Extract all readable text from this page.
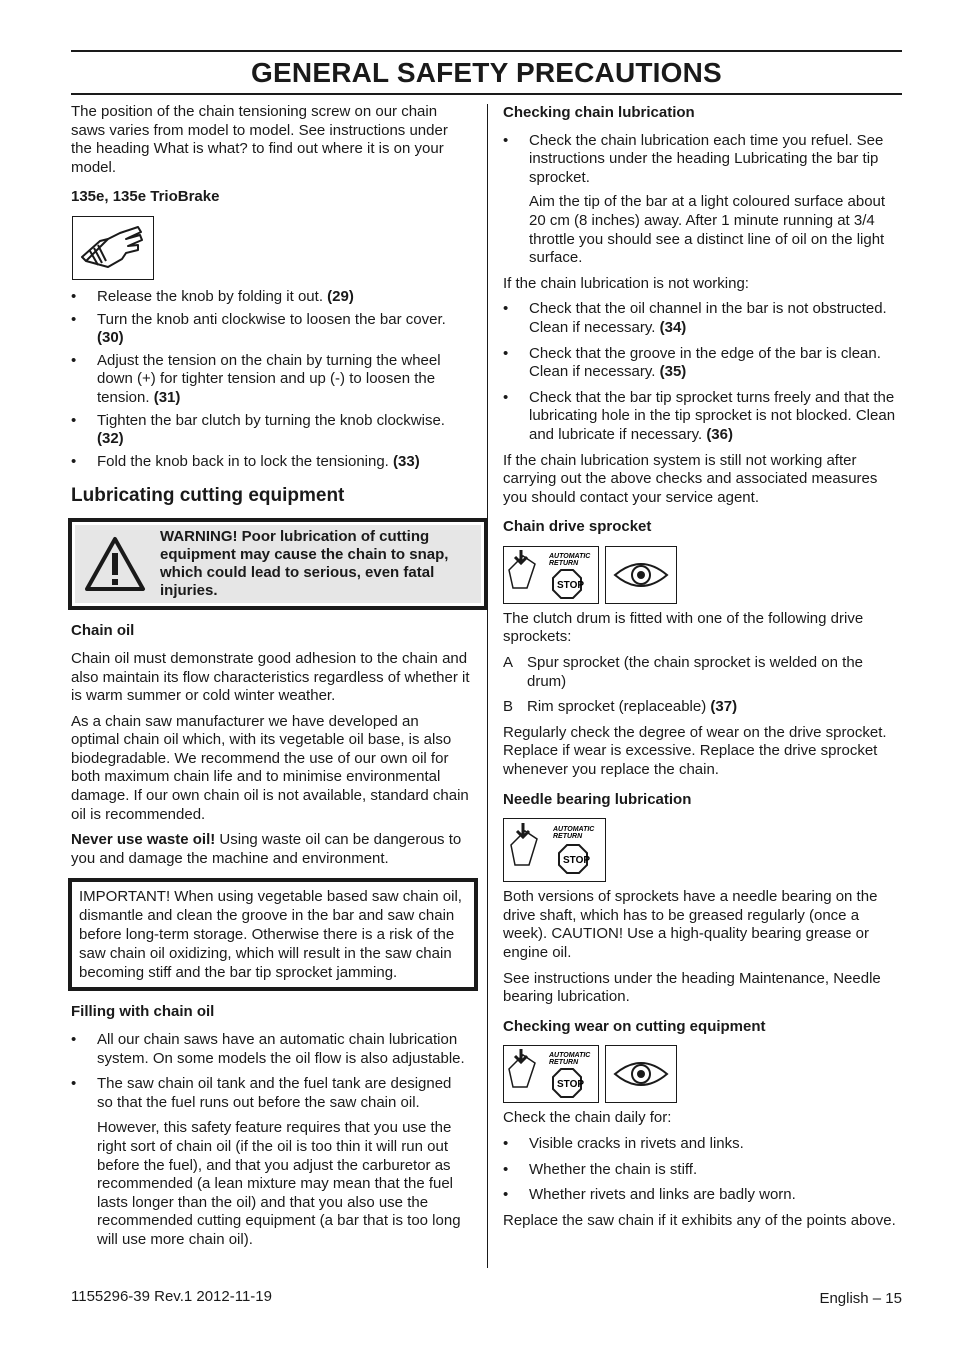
GENERAL SAFETY PRECAUTIONS

The position of the chain tensioning screw on our chain saws varies from model to model. See instructions under the heading What is what? to find out where it is on your model.

135e, 135e TrioBrake

• Release the knob by folding it out. (29)
• Turn the knob anti clockwise to loosen the bar cover. (30)
• Adjust the tension on the chain by turning the wheel down (+) for tighter tension and up (-) to loosen the tension. (31)
• Tighten the bar clutch by turning the knob clockwise. (32)
• Fold the knob back in to lock the tensioning. (33)
Lubricating cutting equipment
WARNING! Poor lubrication of cutting equipment may cause the chain to snap, which could lead to serious, even fatal injuries.

Chain oil

Chain oil must demonstrate good adhesion to the chain and also maintain its flow characteristics regardless of whether it is warm summer or cold winter weather.

As a chain saw manufacturer we have developed an optimal chain oil which, with its vegetable oil base, is also biodegradable. We recommend the use of our own oil for both maximum chain life and to minimise environmental damage. If our own chain oil is not available, standard chain oil is recommended.

Never use waste oil! Using waste oil can be dangerous to you and damage the machine and environment.

IMPORTANT! When using vegetable based saw chain oil, dismantle and clean the groove in the bar and saw chain before long-term storage. Otherwise there is a risk of the saw chain oil oxidizing, which will result in the saw chain becoming stiff and the bar tip sprocket jamming.

Filling with chain oil

• All our chain saws have an automatic chain lubrication system. On some models the oil flow is also adjustable.
• The saw chain oil tank and the fuel tank are designed so that the fuel runs out before the saw chain oil.

However, this safety feature requires that you use the right sort of chain oil (if the oil is too thin it will run out before the fuel), and that you adjust the carburetor as recommended (a lean mixture may mean that the fuel lasts longer than the oil) and that you also use the recommended cutting equipment (a bar that is too long will use more chain oil).

Checking chain lubrication

• Check the chain lubrication each time you refuel. See instructions under the heading Lubricating the bar tip sprocket.

Aim the tip of the bar at a light coloured surface about 20 cm (8 inches) away. After 1 minute running at 3/4 throttle you should see a distinct line of oil on the light surface.

If the chain lubrication is not working:

• Check that the oil channel in the bar is not obstructed. Clean if necessary. (34)
• Check that the groove in the edge of the bar is clean. Clean if necessary. (35)
• Check that the bar tip sprocket turns freely and that the lubricating hole in the tip sprocket is not blocked. Clean and lubricate if necessary. (36)

If the chain lubrication system is still not working after carrying out the above checks and associated measures you should contact your service agent.

Chain drive sprocket

AUTOMATIC
RETURN
STOP

The clutch drum is fitted with one of the following drive sprockets:

A Spur sprocket (the chain sprocket is welded on the drum)

B Rim sprocket (replaceable) (37)

Regularly check the degree of wear on the drive sprocket. Replace if wear is excessive. Replace the drive sprocket whenever you replace the chain.

Needle bearing lubrication

AUTOMATIC
RETURN
STOP

Both versions of sprockets have a needle bearing on the drive shaft, which has to be greased regularly (once a week). CAUTION! Use a high-quality bearing grease or engine oil.

See instructions under the heading Maintenance, Needle bearing lubrication.

Checking wear on cutting equipment

AUTOMATIC
RETURN
STOP

Check the chain daily for:

• Visible cracks in rivets and links.
• Whether the chain is stiff.
• Whether rivets and links are badly worn.

Replace the saw chain if it exhibits any of the points above.

1155296-39 Rev.1 2012-11-19	English – 15
